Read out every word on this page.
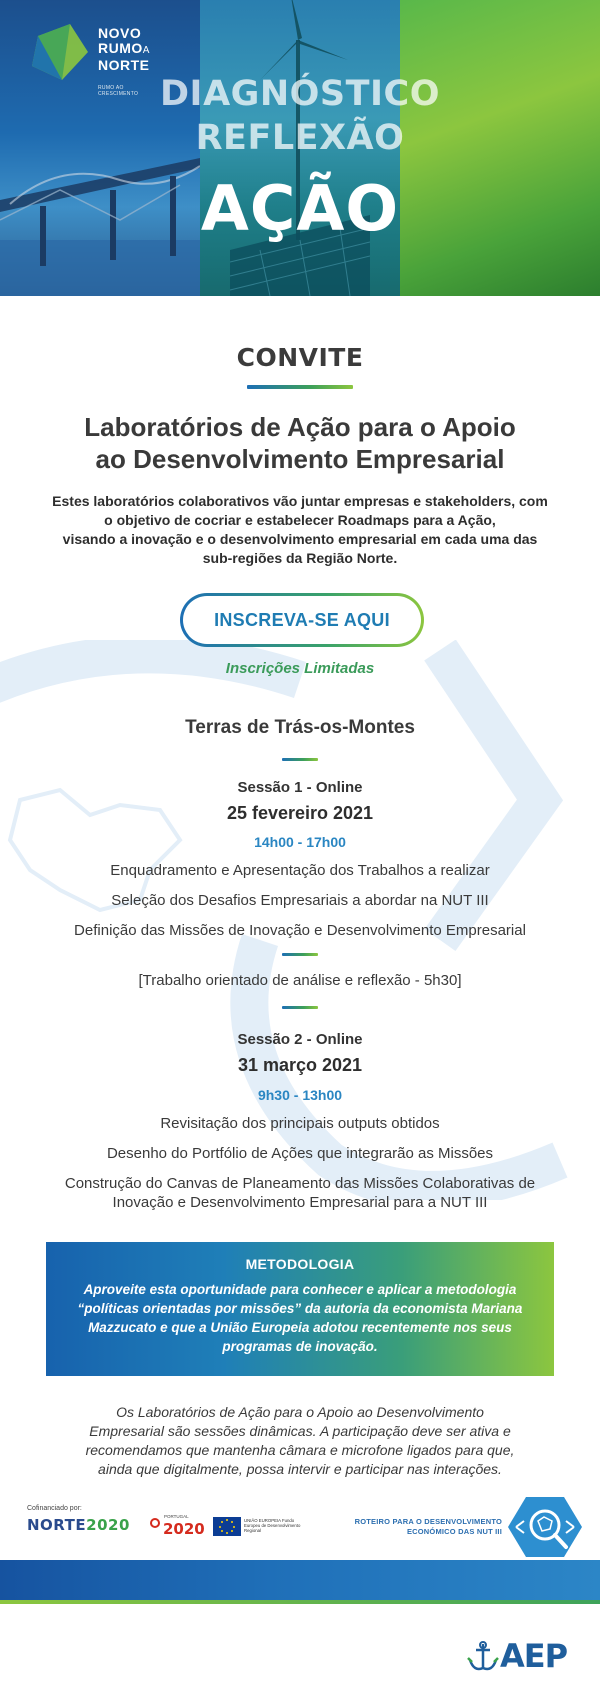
NOVO
RUMOA
NORTE
RUMO AO CRESCIMENTO DIAGNÓSTICO
REFLEXÃO
AÇÃO
CONVITE
Laboratórios de Ação para o Apoio
ao Desenvolvimento Empresarial
Estes laboratórios colaborativos vão juntar empresas e stakeholders, com
o objetivo de cocriar e estabelecer Roadmaps para a Ação,
visando a inovação e o desenvolvimento empresarial em cada uma das
sub-regiões da Região Norte.
INSCREVA-SE AQUI
Inscrições Limitadas
Terras de Trás-os-Montes
Sessão 1 - Online
25 fevereiro 2021
14h00 - 17h00
Enquadramento e Apresentação dos Trabalhos a realizar
Seleção dos Desafios Empresariais a abordar na NUT III
Definição das Missões de Inovação e Desenvolvimento Empresarial
[Trabalho orientado de análise e reflexão - 5h30]
Sessão 2 - Online
31 março 2021
9h30 - 13h00
Revisitação dos principais outputs obtidos
Desenho do Portfólio de Ações que integrarão as Missões
Construção do Canvas de Planeamento das Missões Colaborativas de
Inovação e Desenvolvimento Empresarial para a NUT III
METODOLOGIA
Aproveite esta oportunidade para conhecer e aplicar a metodologia
“políticas orientadas por missões” da autoria da economista Mariana
Mazzucato e que a União Europeia adotou recentemente nos seus
programas de inovação.
Os Laboratórios de Ação para o Apoio ao Desenvolvimento
Empresarial são sessões dinâmicas. A participação deve ser ativa e
recomendamos que mantenha câmara e microfone ligados para que,
ainda que digitalmente, possa intervir e participar nas interações.
Cofinanciado por:
NORTE2020	PORTUGAL
2020	UNIÃO EUROPEIA Fundo Europeu de Desenvolvimento Regional
ROTEIRO PARA O DESENVOLVIMENTO
ECONÓMICO DAS NUT III
AEP
